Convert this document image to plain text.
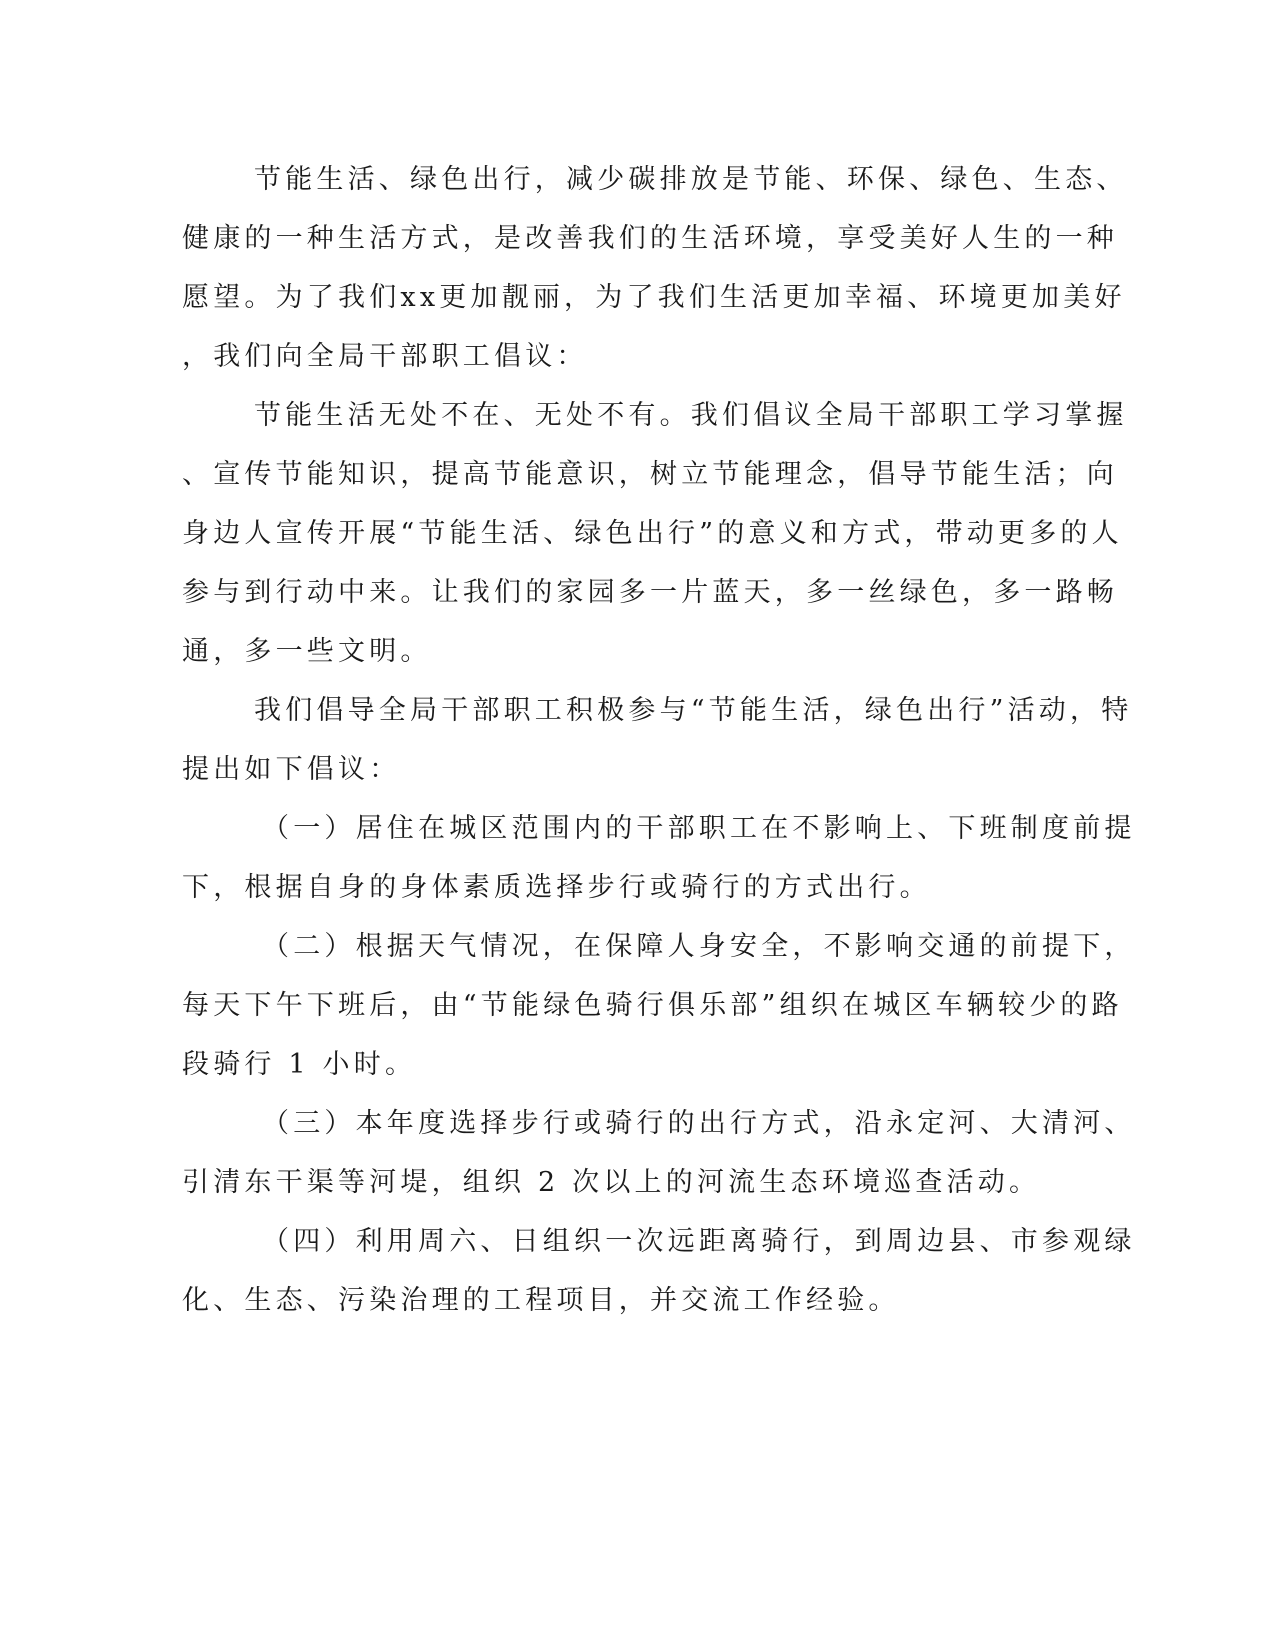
节能生活、绿色出行，减少碳排放是节能、环保、绿色、生态、
健康的一种生活方式，是改善我们的生活环境，享受美好人生的一种
愿望。为了我们xx更加靓丽，为了我们生活更加幸福、环境更加美好
，我们向全局干部职工倡议：
节能生活无处不在、无处不有。我们倡议全局干部职工学习掌握
、宣传节能知识，提高节能意识，树立节能理念，倡导节能生活；向
身边人宣传开展“节能生活、绿色出行”的意义和方式，带动更多的人
参与到行动中来。让我们的家园多一片蓝天，多一丝绿色，多一路畅
通，多一些文明。
我们倡导全局干部职工积极参与“节能生活，绿色出行”活动，特
提出如下倡议：
（一）居住在城区范围内的干部职工在不影响上、下班制度前提
下，根据自身的身体素质选择步行或骑行的方式出行。
（二）根据天气情况，在保障人身安全，不影响交通的前提下，
每天下午下班后，由“节能绿色骑行俱乐部”组织在城区车辆较少的路
段骑行 1 小时。
（三）本年度选择步行或骑行的出行方式，沿永定河、大清河、
引清东干渠等河堤，组织 2 次以上的河流生态环境巡查活动。
（四）利用周六、日组织一次远距离骑行，到周边县、市参观绿
化、生态、污染治理的工程项目，并交流工作经验。
